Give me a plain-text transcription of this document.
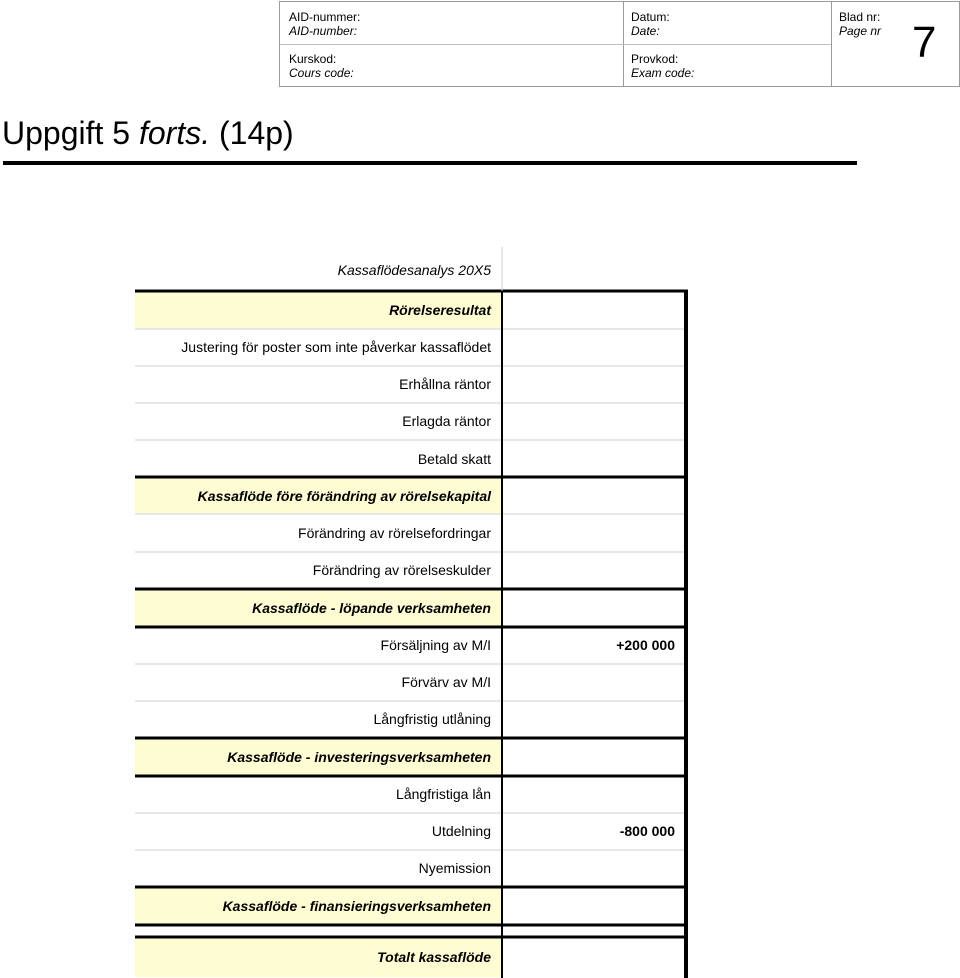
AID-nummer:
AID-number:
Kurskod:
Cours code:
Datum:
Date:
Provkod:
Exam code:
Blad nr:
Page nr 7
Uppgift 5 forts. (14p)
Kassaflödesanalys 20X5
Rörelseresultat
Justering för poster som inte påverkar kassaflödet
Erhållna räntor
Erlagda räntor
Betald skatt
Kassaflöde före förändring av rörelsekapital
Förändring av rörelsefordringar
Förändring av rörelseskulder
Kassaflöde - löpande verksamheten
Försäljning av M/I	+200 000
Förvärv av M/I
Långfristig utlåning
Kassaflöde - investeringsverksamheten
Långfristiga lån
Utdelning	-800 000
Nyemission
Kassaflöde - finansieringsverksamheten
Totalt kassaflöde
